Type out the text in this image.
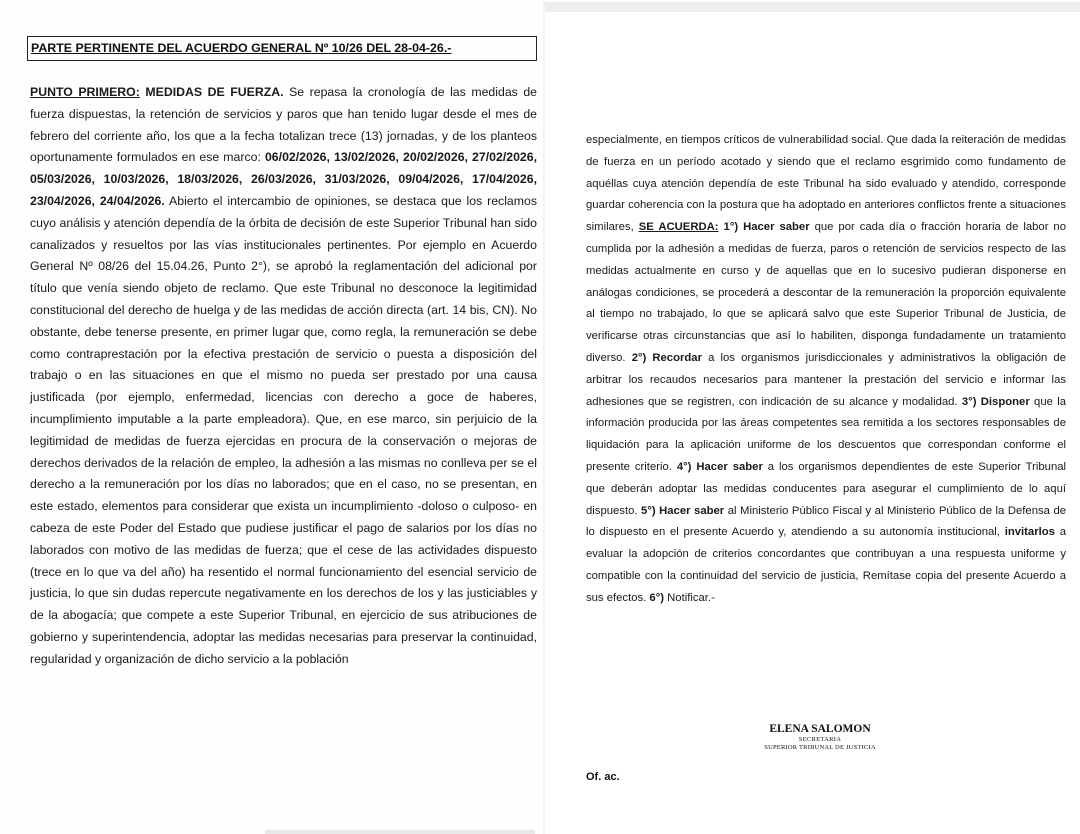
PARTE PERTINENTE DEL ACUERDO GENERAL Nº 10/26 DEL 28-04-26.-
PUNTO PRIMERO: MEDIDAS DE FUERZA. Se repasa la cronología de las medidas de fuerza dispuestas, la retención de servicios y paros que han tenido lugar desde el mes de febrero del corriente año, los que a la fecha totalizan trece (13) jornadas, y de los planteos oportunamente formulados en ese marco: 06/02/2026, 13/02/2026, 20/02/2026, 27/02/2026, 05/03/2026, 10/03/2026, 18/03/2026, 26/03/2026, 31/03/2026, 09/04/2026, 17/04/2026, 23/04/2026, 24/04/2026. Abierto el intercambio de opiniones, se destaca que los reclamos cuyo análisis y atención dependía de la órbita de decisión de este Superior Tribunal han sido canalizados y resueltos por las vías institucionales pertinentes. Por ejemplo en Acuerdo General Nº 08/26 del 15.04.26, Punto 2°), se aprobó la reglamentación del adicional por título que venía siendo objeto de reclamo. Que este Tribunal no desconoce la legitimidad constitucional del derecho de huelga y de las medidas de acción directa (art. 14 bis, CN). No obstante, debe tenerse presente, en primer lugar que, como regla, la remuneración se debe como contraprestación por la efectiva prestación de servicio o puesta a disposición del trabajo o en las situaciones en que el mismo no pueda ser prestado por una causa justificada (por ejemplo, enfermedad, licencias con derecho a goce de haberes, incumplimiento imputable a la parte empleadora). Que, en ese marco, sin perjuicio de la legitimidad de medidas de fuerza ejercidas en procura de la conservación o mejoras de derechos derivados de la relación de empleo, la adhesión a las mismas no conlleva per se el derecho a la remuneración por los días no laborados; que en el caso, no se presentan, en este estado, elementos para considerar que exista un incumplimiento -doloso o culposo- en cabeza de este Poder del Estado que pudiese justificar el pago de salarios por los días no laborados con motivo de las medidas de fuerza; que el cese de las actividades dispuesto (trece en lo que va del año) ha resentido el normal funcionamiento del esencial servicio de justicia, lo que sin dudas repercute negativamente en los derechos de los y las justiciables y de la abogacía; que compete a este Superior Tribunal, en ejercicio de sus atribuciones de gobierno y superintendencia, adoptar las medidas necesarias para preservar la continuidad, regularidad y organización de dicho servicio a la población
especialmente, en tiempos críticos de vulnerabilidad social. Que dada la reiteración de medidas de fuerza en un período acotado y siendo que el reclamo esgrimido como fundamento de aquéllas cuya atención dependía de este Tribunal ha sido evaluado y atendido, corresponde guardar coherencia con la postura que ha adoptado en anteriores conflictos frente a situaciones similares, SE ACUERDA: 1°) Hacer saber que por cada día o fracción horaria de labor no cumplida por la adhesión a medidas de fuerza, paros o retención de servicios respecto de las medidas actualmente en curso y de aquellas que en lo sucesivo pudieran disponerse en análogas condiciones, se procederá a descontar de la remuneración la proporción equivalente al tiempo no trabajado, lo que se aplicará salvo que este Superior Tribunal de Justicia, de verificarse otras circunstancias que así lo habiliten, disponga fundadamente un tratamiento diverso. 2°) Recordar a los organismos jurisdiccionales y administrativos la obligación de arbitrar los recaudos necesarios para mantener la prestación del servicio e informar las adhesiones que se registren, con indicación de su alcance y modalidad. 3°) Disponer que la información producida por las áreas competentes sea remitida a los sectores responsables de liquidación para la aplicación uniforme de los descuentos que correspondan conforme el presente criterio. 4°) Hacer saber a los organismos dependientes de este Superior Tribunal que deberán adoptar las medidas conducentes para asegurar el cumplimiento de lo aquí dispuesto. 5°) Hacer saber al Ministerio Público Fiscal y al Ministerio Público de la Defensa de lo dispuesto en el presente Acuerdo y, atendiendo a su autonomía institucional, invitarlos a evaluar la adopción de criterios concordantes que contribuyan a una respuesta uniforme y compatible con la continuidad del servicio de justicia, Remítase copia del presente Acuerdo a sus efectos. 6°) Notificar.-
ELENA SALOMON
SECRETARIA
SUPERIOR TRIBUNAL DE JUSTICIA
Of. ac.
